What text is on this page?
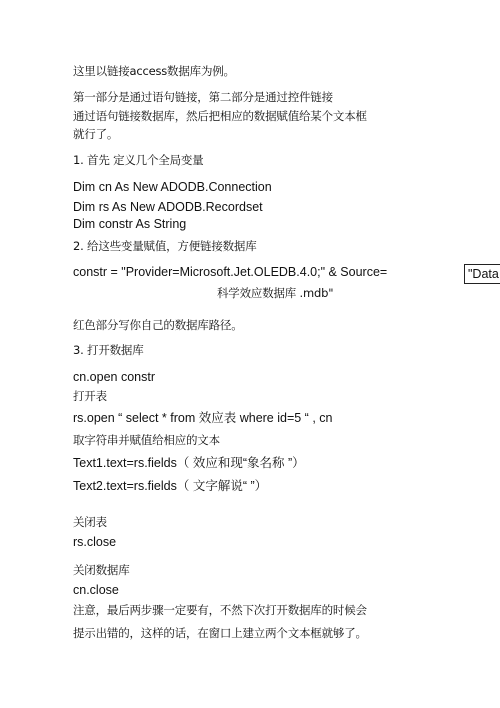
这里以链接access数据库为例。
第一部分是通过语句链接，第二部分是通过控件链接
通过语句链接数据库，然后把相应的数据赋值给某个文本框
就行了。
1. 首先 定义几个全局变量
Dim cn As New ADODB.Connection
Dim rs As New ADODB.Recordset
Dim constr As String
2. 给这些变量赋值，方便链接数据库
constr = "Provider=Microsoft.Jet.OLEDB.4.0;" & Source=	"Data
科学效应数据库 .mdb"
红色部分写你自己的数据库路径。
3. 打开数据库
cn.open constr
打开表
rs.open “ select * from 效应表 where id=5 “ , cn
取字符串并赋值给相应的文本
Text1.text=rs.fields（ 效应和现“象名称 ”）
Text2.text=rs.fields（ 文字解说“ ”）
关闭表
rs.close
关闭数据库
cn.close
注意，最后两步骤一定要有，不然下次打开数据库的时候会
提示出错的，这样的话，在窗口上建立两个文本框就够了。
